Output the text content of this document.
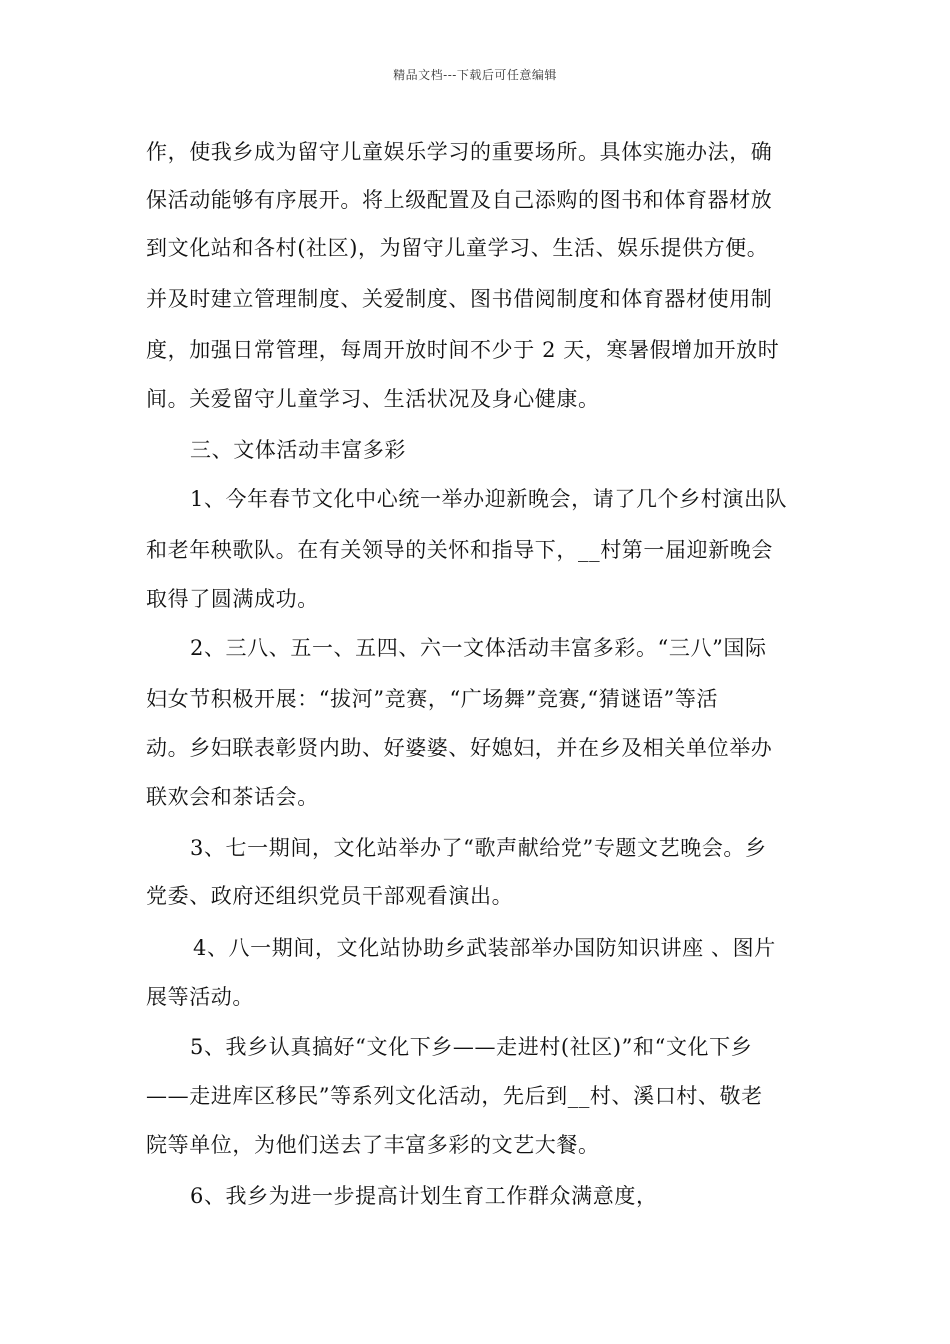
精品文档---下载后可任意编辑
作，使我乡成为留守儿童娱乐学习的重要场所。具体实施办法，确
保活动能够有序展开。将上级配置及自己添购的图书和体育器材放
到文化站和各村(社区)，为留守儿童学习、生活、娱乐提供方便。
并及时建立管理制度、关爱制度、图书借阅制度和体育器材使用制
度，加强日常管理，每周开放时间不少于 2 天，寒暑假增加开放时
间。关爱留守儿童学习、生活状况及身心健康。
三、文体活动丰富多彩
1、今年春节文化中心统一举办迎新晚会，请了几个乡村演出队
和老年秧歌队。在有关领导的关怀和指导下，__村第一届迎新晚会
取得了圆满成功。
2、三八、五一、五四、六一文体活动丰富多彩。“三八”国际
妇女节积极开展：“拔河”竞赛，“广场舞”竞赛,“猜谜语”等活
动。乡妇联表彰贤内助、好婆婆、好媳妇，并在乡及相关单位举办
联欢会和茶话会。
3、七一期间，文化站举办了“歌声献给党”专题文艺晚会。乡
党委、政府还组织党员干部观看演出。
4、八一期间，文化站协助乡武装部举办国防知识讲座 、图片
展等活动。
5、我乡认真搞好“文化下乡——走进村(社区)”和“文化下乡
——走进库区移民”等系列文化活动，先后到__村、溪口村、敬老
院等单位，为他们送去了丰富多彩的文艺大餐。
6、我乡为进一步提高计划生育工作群众满意度，
